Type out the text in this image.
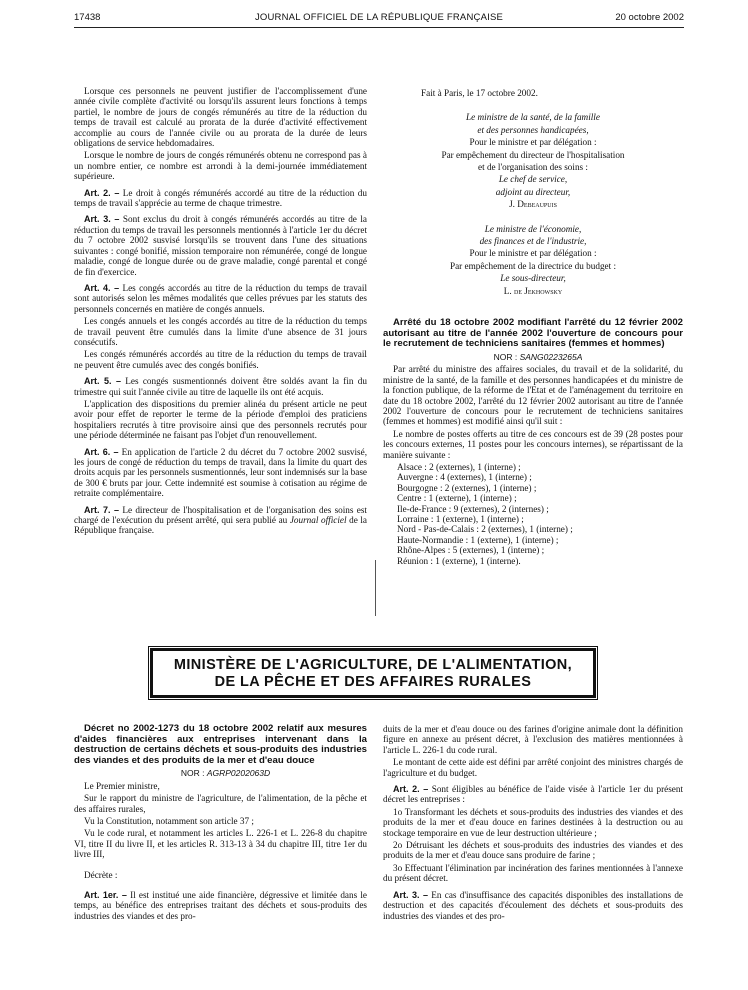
17438	JOURNAL OFFICIEL DE LA RÉPUBLIQUE FRANÇAISE	20 octobre 2002

Lorsque ces personnels ne peuvent justifier de l'accomplissement d'une année civile complète d'activité ou lorsqu'ils assurent leurs fonctions à temps partiel, le nombre de jours de congés rémunérés au titre de la réduction du temps de travail est calculé au prorata de la durée d'activité effectivement accomplie au cours de l'année civile ou au prorata de la durée de leurs obligations de service hebdomadaires.

Lorsque le nombre de jours de congés rémunérés obtenu ne correspond pas à un nombre entier, ce nombre est arrondi à la demi-journée immédiatement supérieure.

Art. 2. – Le droit à congés rémunérés accordé au titre de la réduction du temps de travail s'apprécie au terme de chaque trimestre.

Art. 3. – Sont exclus du droit à congés rémunérés accordés au titre de la réduction du temps de travail les personnels mentionnés à l'article 1er du décret du 7 octobre 2002 susvisé lorsqu'ils se trouvent dans l'une des situations suivantes : congé bonifié, mission temporaire non rémunérée, congé de longue maladie, congé de longue durée ou de grave maladie, congé parental et congé de fin d'exercice.

Art. 4. – Les congés accordés au titre de la réduction du temps de travail sont autorisés selon les mêmes modalités que celles prévues par les statuts des personnels concernés en matière de congés annuels.

Les congés annuels et les congés accordés au titre de la réduction du temps de travail peuvent être cumulés dans la limite d'une absence de 31 jours consécutifs.

Les congés rémunérés accordés au titre de la réduction du temps de travail ne peuvent être cumulés avec des congés bonifiés.

Art. 5. – Les congés susmentionnés doivent être soldés avant la fin du trimestre qui suit l'année civile au titre de laquelle ils ont été acquis.

L'application des dispositions du premier alinéa du présent article ne peut avoir pour effet de reporter le terme de la période d'emploi des praticiens hospitaliers recrutés à titre provisoire ainsi que des personnels recrutés pour une période déterminée ne faisant pas l'objet d'un renouvellement.

Art. 6. – En application de l'article 2 du décret du 7 octobre 2002 susvisé, les jours de congé de réduction du temps de travail, dans la limite du quart des droits acquis par les personnels susmentionnés, leur sont indemnisés sur la base de 300 € bruts par jour. Cette indemnité est soumise à cotisation au régime de retraite complémentaire.

Art. 7. – Le directeur de l'hospitalisation et de l'organisation des soins est chargé de l'exécution du présent arrêté, qui sera publié au Journal officiel de la République française.

Fait à Paris, le 17 octobre 2002.

Le ministre de la santé, de la famille

et des personnes handicapées,

Pour le ministre et par délégation :

Par empêchement du directeur de l'hospitalisation

et de l'organisation des soins :

Le chef de service,

adjoint au directeur,

J. Debeaupuis

Le ministre de l'économie,

des finances et de l'industrie,

Pour le ministre et par délégation :

Par empêchement de la directrice du budget :

Le sous-directeur,

L. de Jekhowsky

Arrêté du 18 octobre 2002 modifiant l'arrêté du 12 février 2002 autorisant au titre de l'année 2002 l'ouverture de concours pour le recrutement de techniciens sanitaires (femmes et hommes)

NOR : SANG0223265A

Par arrêté du ministre des affaires sociales, du travail et de la solidarité, du ministre de la santé, de la famille et des personnes handicapées et du ministre de la fonction publique, de la réforme de l'Etat et de l'aménagement du territoire en date du 18 octobre 2002, l'arrêté du 12 février 2002 autorisant au titre de l'année 2002 l'ouverture de concours pour le recrutement de techniciens sanitaires (femmes et hommes) est modifié ainsi qu'il suit :

Le nombre de postes offerts au titre de ces concours est de 39 (28 postes pour les concours externes, 11 postes pour les concours internes), se répartissant de la manière suivante :

Alsace : 2 (externes), 1 (interne) ;

Auvergne : 4 (externes), 1 (interne) ;

Bourgogne : 2 (externes), 1 (interne) ;

Centre : 1 (externe), 1 (interne) ;

Ile-de-France : 9 (externes), 2 (internes) ;

Lorraine : 1 (externe), 1 (interne) ;

Nord - Pas-de-Calais : 2 (externes), 1 (interne) ;

Haute-Normandie : 1 (externe), 1 (interne) ;

Rhône-Alpes : 5 (externes), 1 (interne) ;

Réunion : 1 (externe), 1 (interne).

MINISTÈRE DE L'AGRICULTURE, DE L'ALIMENTATION,
DE LA PÊCHE ET DES AFFAIRES RURALES

Décret no 2002-1273 du 18 octobre 2002 relatif aux mesures d'aides financières aux entreprises intervenant dans la destruction de certains déchets et sous-produits des industries des viandes et des produits de la mer et d'eau douce

NOR : AGRP0202063D

Le Premier ministre,

Sur le rapport du ministre de l'agriculture, de l'alimentation, de la pêche et des affaires rurales,

Vu la Constitution, notamment son article 37 ;

Vu le code rural, et notamment les articles L. 226-1 et L. 226-8 du chapitre VI, titre II du livre II, et les articles R. 313-13 à 34 du chapitre III, titre 1er du livre III,

Décrète :

Art. 1er. – Il est institué une aide financière, dégressive et limitée dans le temps, au bénéfice des entreprises traitant des déchets et sous-produits des industries des viandes et des pro-

duits de la mer et d'eau douce ou des farines d'origine animale dont la définition figure en annexe au présent décret, à l'exclusion des matières mentionnées à l'article L. 226-1 du code rural.

Le montant de cette aide est défini par arrêté conjoint des ministres chargés de l'agriculture et du budget.

Art. 2. – Sont éligibles au bénéfice de l'aide visée à l'article 1er du présent décret les entreprises :

1o Transformant les déchets et sous-produits des industries des viandes et des produits de la mer et d'eau douce en farines destinées à la destruction ou au stockage temporaire en vue de leur destruction ultérieure ;

2o Détruisant les déchets et sous-produits des industries des viandes et des produits de la mer et d'eau douce sans produire de farine ;

3o Effectuant l'élimination par incinération des farines mentionnées à l'annexe du présent décret.

Art. 3. – En cas d'insuffisance des capacités disponibles des installations de destruction et des capacités d'écoulement des déchets et sous-produits des industries des viandes et des pro-
